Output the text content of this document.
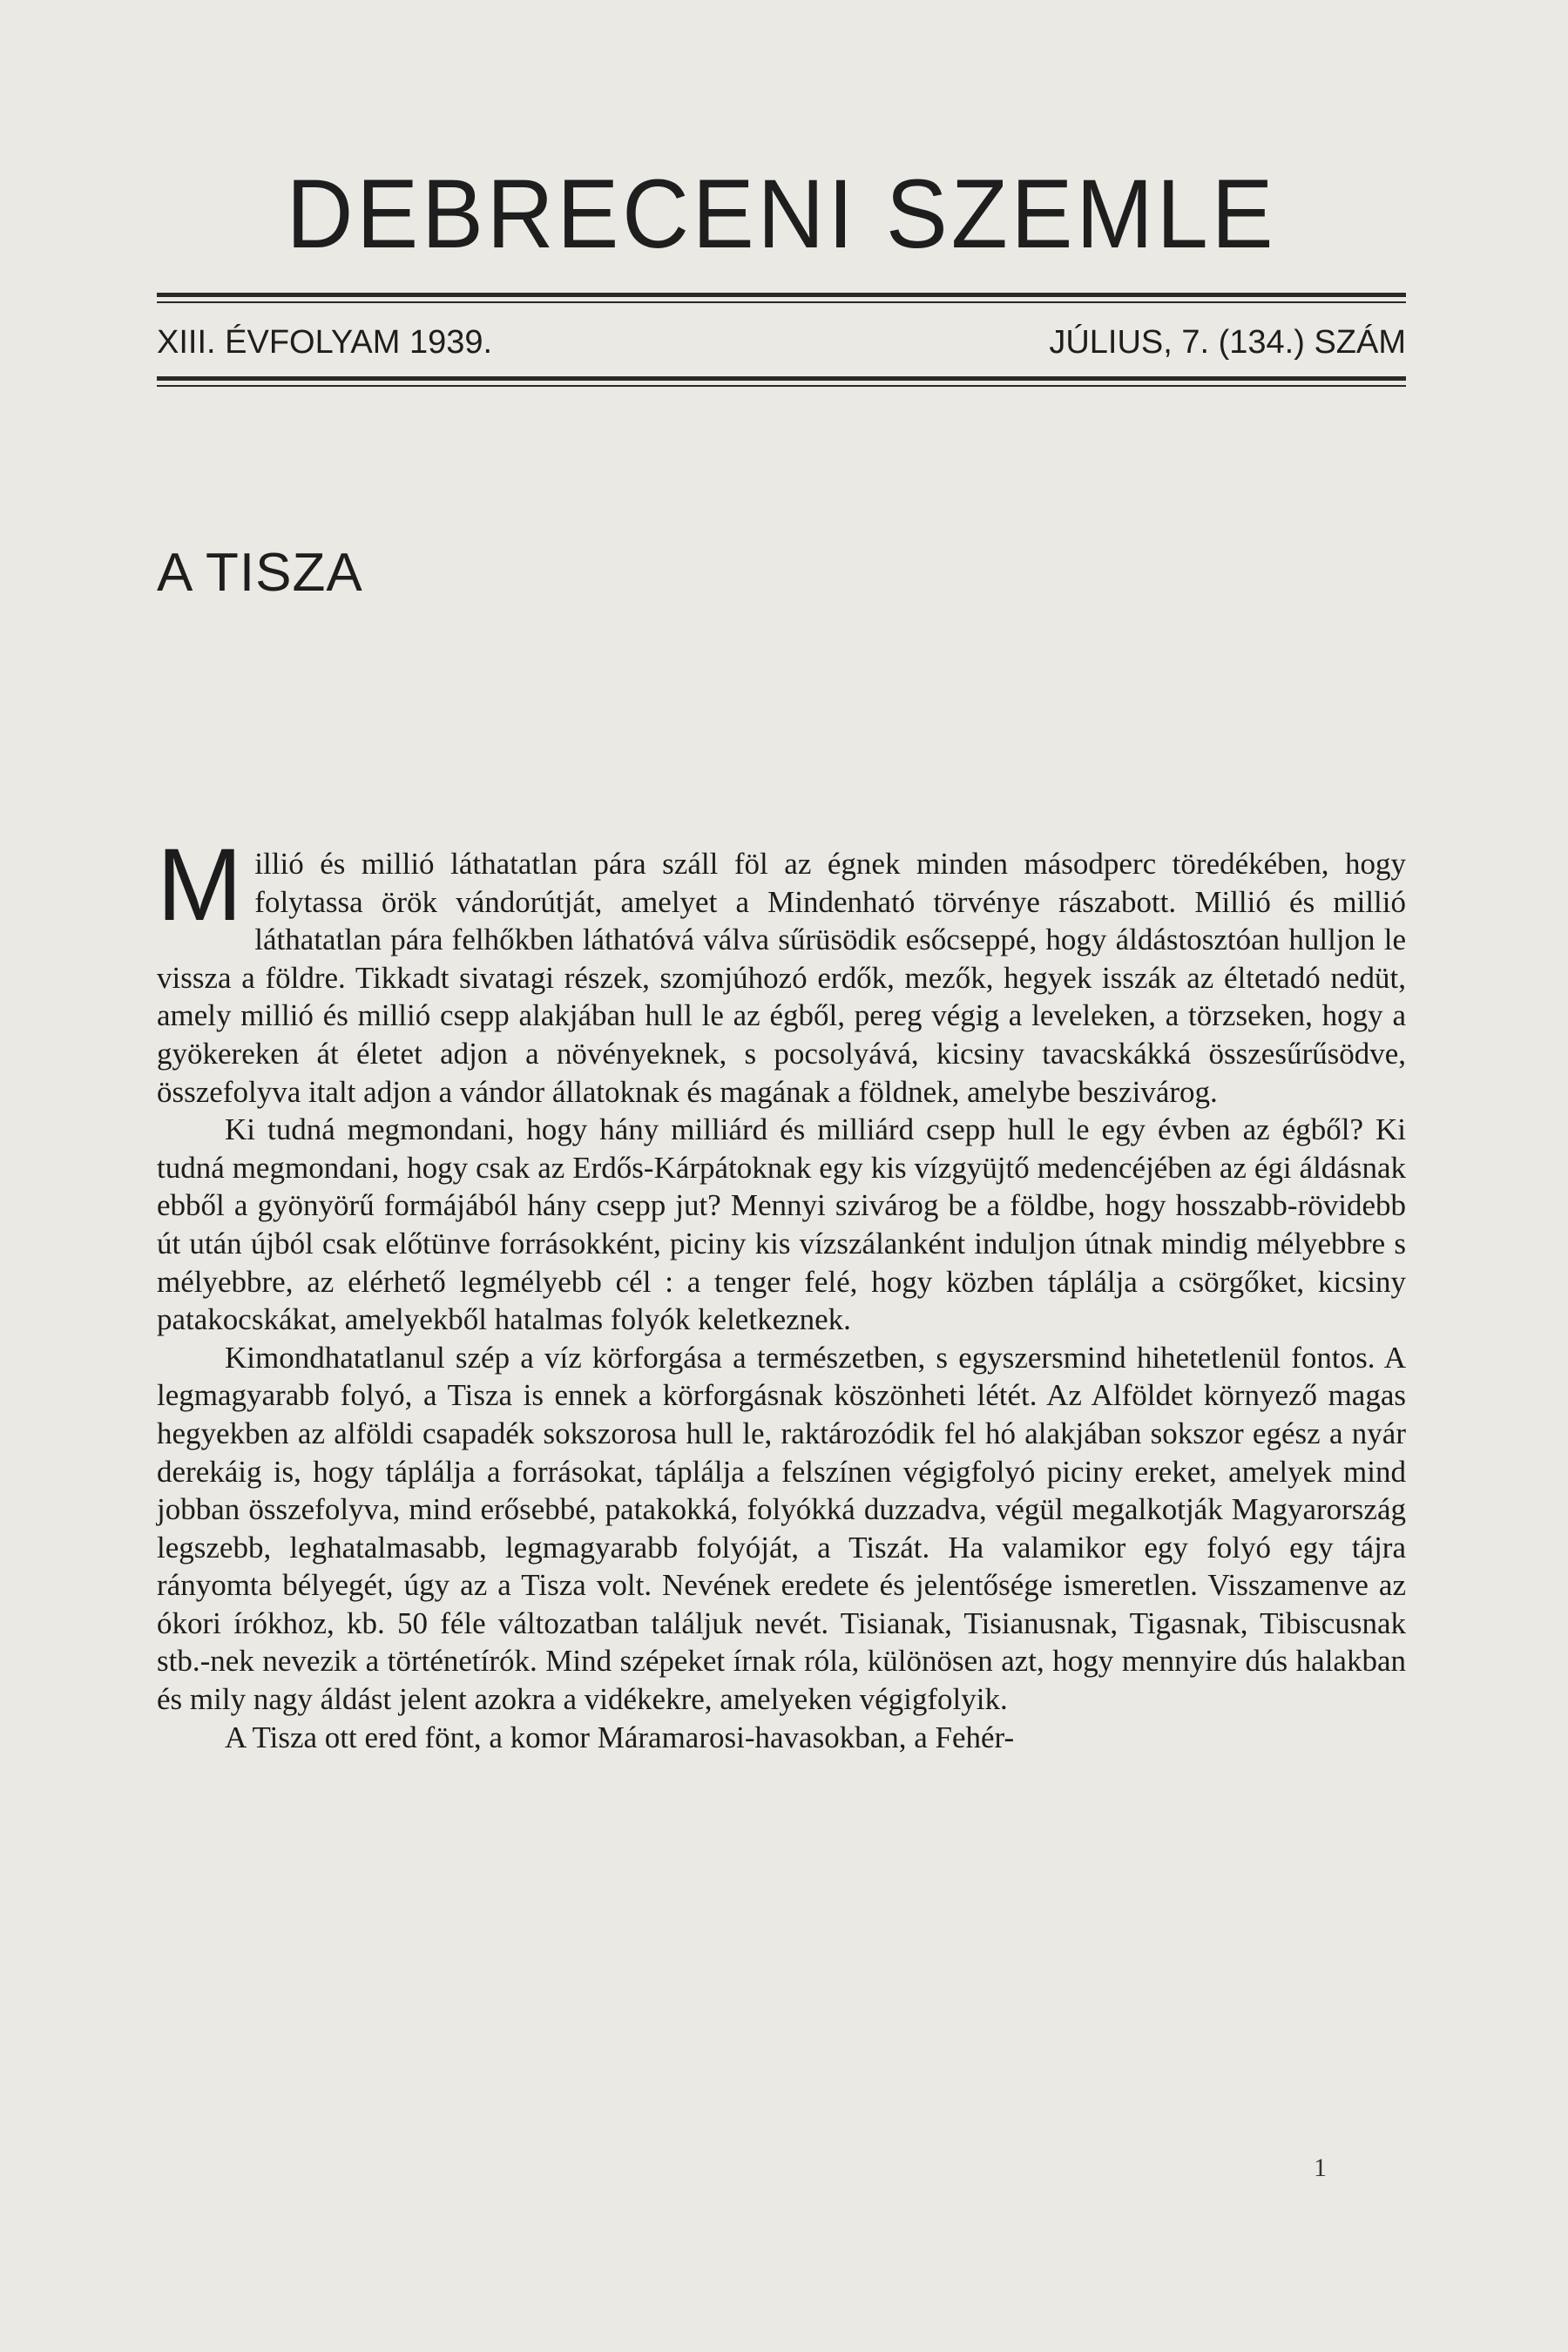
DEBRECENI SZEMLE
XIII. ÉVFOLYAM 1939.	JÚLIUS, 7. (134.) SZÁM
A TISZA

Millió és millió láthatatlan pára száll föl az égnek minden másodperc töredékében, hogy folytassa örök vándorútját, amelyet a Mindenható törvénye rászabott. Millió és millió láthatatlan pára felhőkben láthatóvá válva sűrüsödik esőcseppé, hogy áldástosztóan hulljon le vissza a földre. Tikkadt sivatagi részek, szomjúhozó erdők, mezők, hegyek isszák az éltetadó nedüt, amely millió és millió csepp alakjában hull le az égből, pereg végig a leveleken, a törzseken, hogy a gyökereken át életet adjon a növényeknek, s pocsolyává, kicsiny tavacskákká összesűrűsödve, összefolyva italt adjon a vándor állatoknak és magának a földnek, amelybe beszivárog.

Ki tudná megmondani, hogy hány milliárd és milliárd csepp hull le egy évben az égből? Ki tudná megmondani, hogy csak az Erdős-Kárpátoknak egy kis vízgyüjtő medencéjében az égi áldásnak ebből a gyönyörű formájából hány csepp jut? Mennyi szivárog be a földbe, hogy hosszabb-rövidebb út után újból csak előtünve forrásokként, piciny kis vízszálanként induljon útnak mindig mélyebbre s mélyebbre, az elérhető legmélyebb cél : a tenger felé, hogy közben táplálja a csörgőket, kicsiny patakocskákat, amelyekből hatalmas folyók keletkeznek.

Kimondhatatlanul szép a víz körforgása a természetben, s egyszersmind hihetetlenül fontos. A legmagyarabb folyó, a Tisza is ennek a körforgásnak köszönheti létét. Az Alföldet környező magas hegyekben az alföldi csapadék sokszorosa hull le, raktározódik fel hó alakjában sokszor egész a nyár derekáig is, hogy táplálja a forrásokat, táplálja a felszínen végigfolyó piciny ereket, amelyek mind jobban összefolyva, mind erősebbé, patakokká, folyókká duzzadva, végül megalkotják Magyarország legszebb, leghatalmasabb, legmagyarabb folyóját, a Tiszát. Ha valamikor egy folyó egy tájra rányomta bélyegét, úgy az a Tisza volt. Nevének eredete és jelentősége ismeretlen. Visszamenve az ókori írókhoz, kb. 50 féle változatban találjuk nevét. Tisianak, Tisianusnak, Tigasnak, Tibiscusnak stb.-nek nevezik a történetírók. Mind szépeket írnak róla, különösen azt, hogy mennyire dús halakban és mily nagy áldást jelent azokra a vidékekre, amelyeken végigfolyik.

A Tisza ott ered fönt, a komor Máramarosi-havasokban, a Fehér-

1
